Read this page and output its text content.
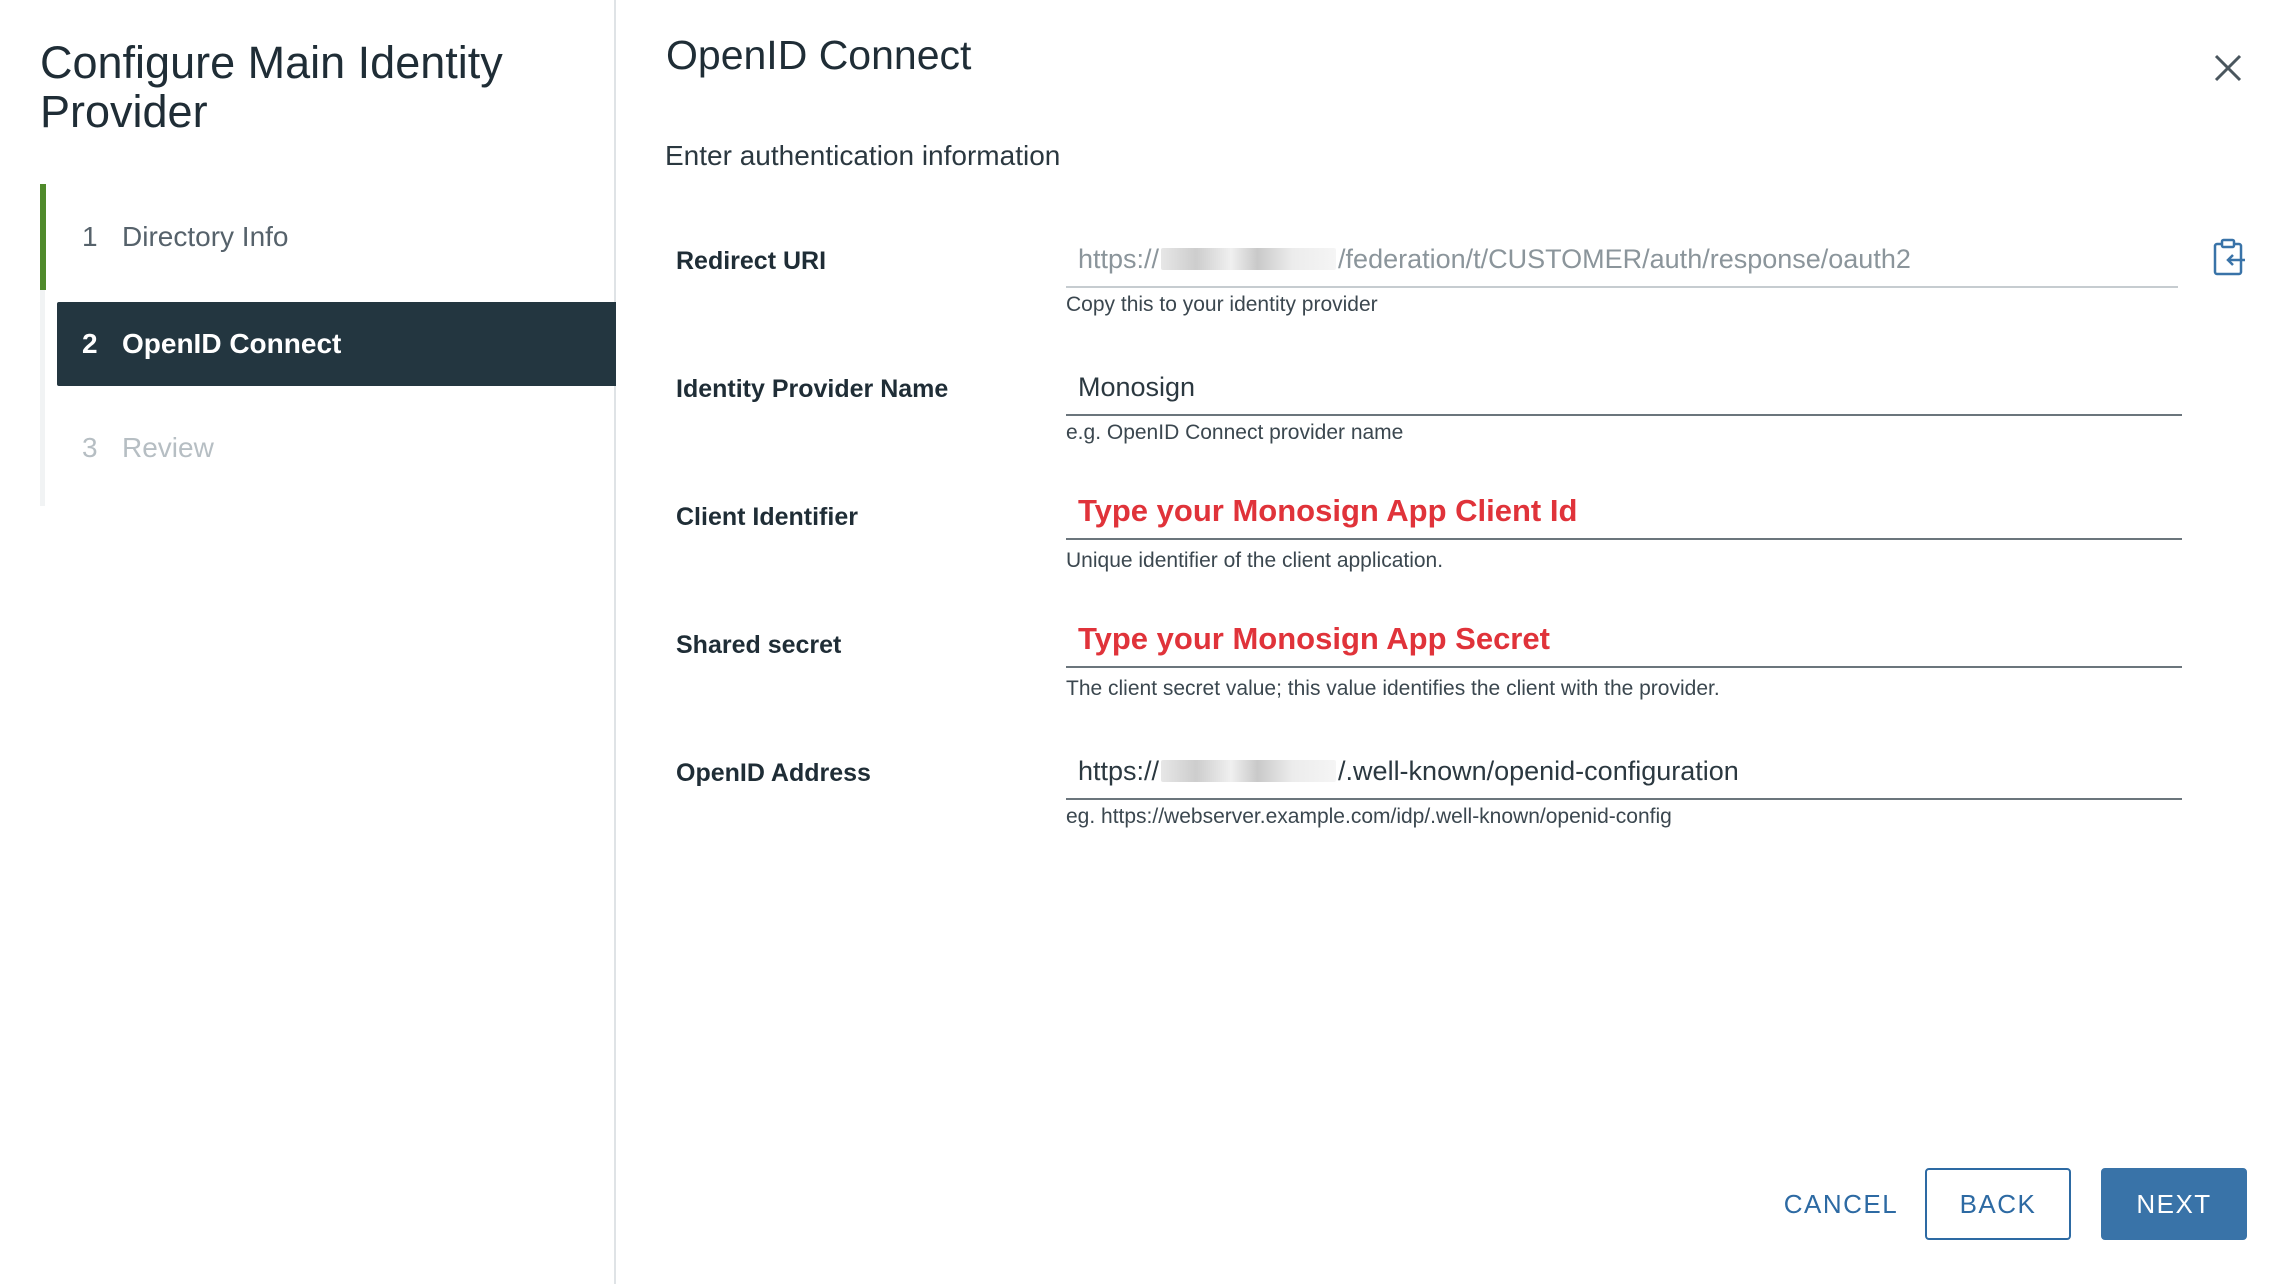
Configure Main Identity Provider
1 Directory Info
2 OpenID Connect
3 Review
OpenID Connect
Enter authentication information
Redirect URI	https://	/federation/t/CUSTOMER/auth/response/oauth2
Copy this to your identity provider
Identity Provider Name	Monosign
e.g. OpenID Connect provider name
Client Identifier	Type your Monosign App Client Id
Unique identifier of the client application.
Shared secret	Type your Monosign App Secret
The client secret value; this value identifies the client with the provider.
OpenID Address	https://	/.well-known/openid-configuration
eg. https://webserver.example.com/idp/.well-known/openid-config
CANCEL	BACK	NEXT
